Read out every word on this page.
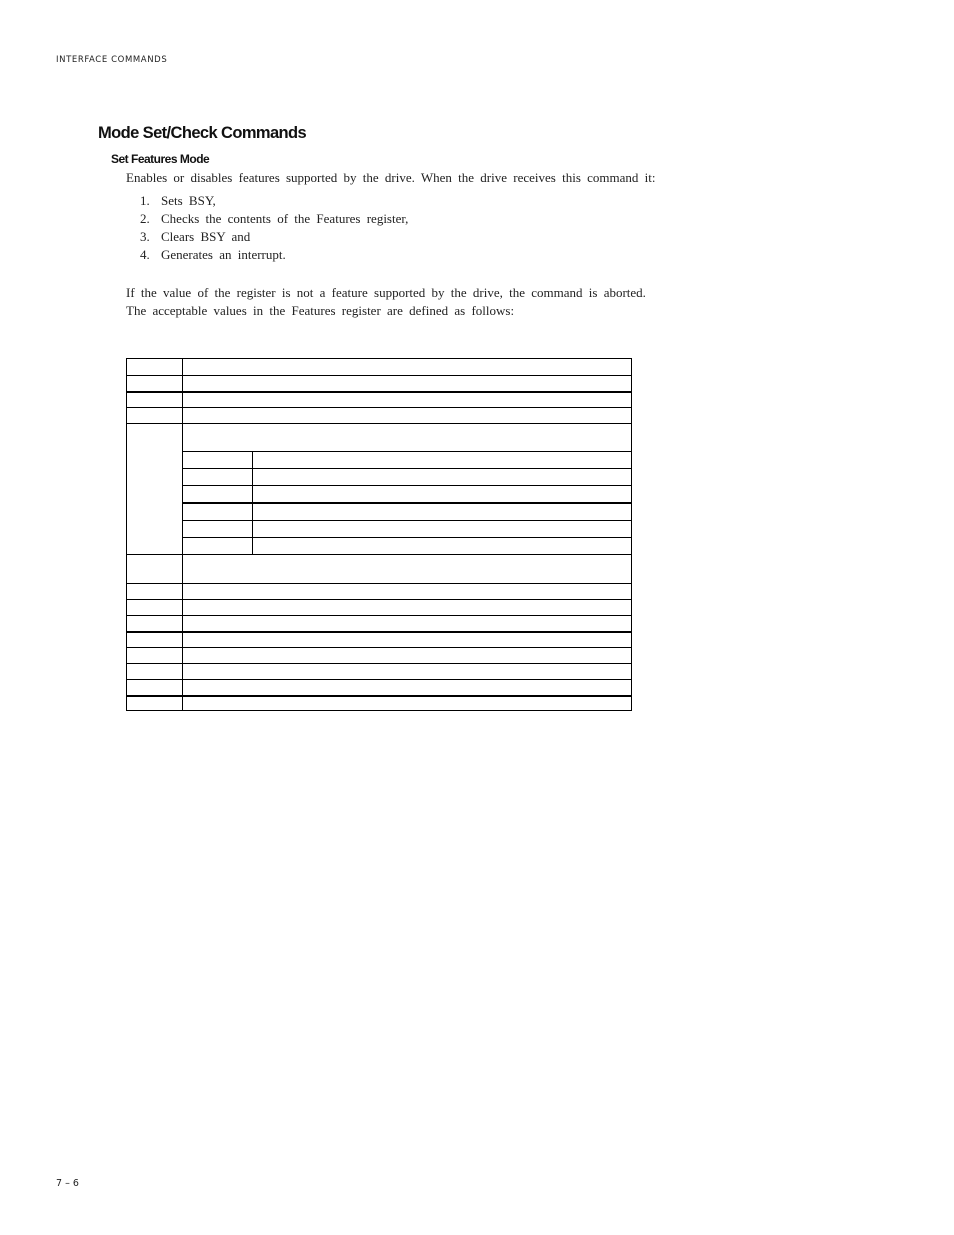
INTERFACE COMMANDS
Mode Set/Check Commands
Set Features Mode

Enables or disables features supported by the drive. When the drive receives this command it:

1. Sets BSY,
2. Checks the contents of the Features register,
3. Clears BSY and
4. Generates an interrupt.

If the value of the register is not a feature supported by the drive, the command is aborted.
The acceptable values in the Features register are defined as follows:

7 – 6
